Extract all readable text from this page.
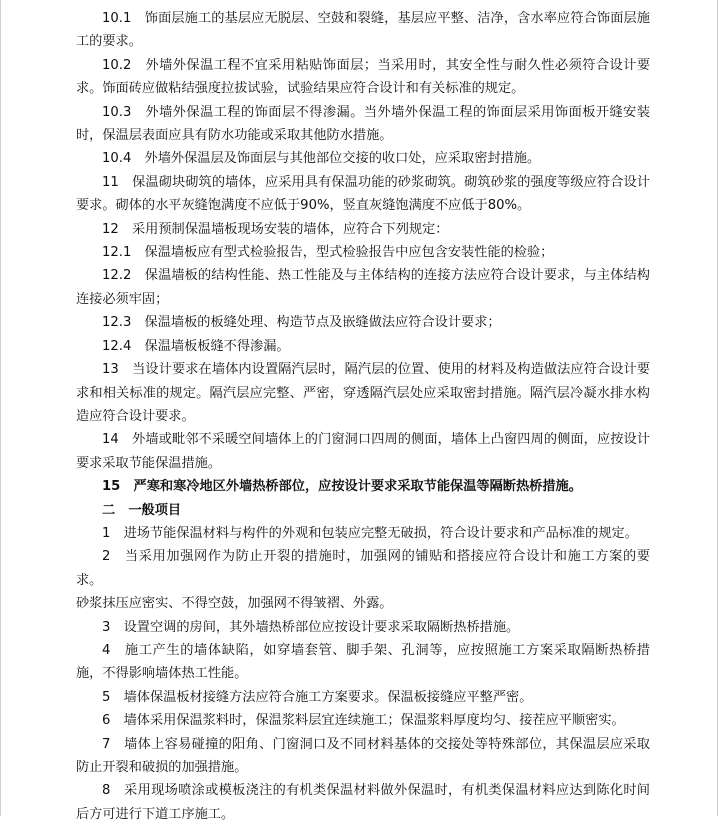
10.1　饰面层施工的基层应无脱层、空鼓和裂缝，基层应平整、洁净，含水率应符合饰面层施工的要求。

10.2　外墙外保温工程不宜采用粘贴饰面层；当采用时，其安全性与耐久性必须符合设计要求。饰面砖应做粘结强度拉拔试验，试验结果应符合设计和有关标准的规定。

10.3　外墙外保温工程的饰面层不得渗漏。当外墙外保温工程的饰面层采用饰面板开缝安装时，保温层表面应具有防水功能或采取其他防水措施。

10.4　外墙外保温层及饰面层与其他部位交接的收口处，应采取密封措施。

11　保温砌块砌筑的墙体，应采用具有保温功能的砂浆砌筑。砌筑砂浆的强度等级应符合设计要求。砌体的水平灰缝饱满度不应低于90%，竖直灰缝饱满度不应低于80%。

12　采用预制保温墙板现场安装的墙体，应符合下列规定：

12.1　保温墙板应有型式检验报告，型式检验报告中应包含安装性能的检验；

12.2　保温墙板的结构性能、热工性能及与主体结构的连接方法应符合设计要求，与主体结构连接必须牢固；

12.3　保温墙板的板缝处理、构造节点及嵌缝做法应符合设计要求；

12.4　保温墙板板缝不得渗漏。

13　当设计要求在墙体内设置隔汽层时，隔汽层的位置、使用的材料及构造做法应符合设计要求和相关标准的规定。隔汽层应完整、严密，穿透隔汽层处应采取密封措施。隔汽层冷凝水排水构造应符合设计要求。

14　外墙或毗邻不采暖空间墙体上的门窗洞口四周的侧面，墙体上凸窗四周的侧面，应按设计要求采取节能保温措施。

15　严寒和寒冷地区外墙热桥部位，应按设计要求采取节能保温等隔断热桥措施。

二　一般项目

1　进场节能保温材料与构件的外观和包装应完整无破损，符合设计要求和产品标准的规定。

2　当采用加强网作为防止开裂的措施时，加强网的铺贴和搭接应符合设计和施工方案的要求。

砂浆抹压应密实、不得空鼓，加强网不得皱褶、外露。

3　设置空调的房间，其外墙热桥部位应按设计要求采取隔断热桥措施。

4　施工产生的墙体缺陷，如穿墙套管、脚手架、孔洞等，应按照施工方案采取隔断热桥措施，不得影响墙体热工性能。

5　墙体保温板材接缝方法应符合施工方案要求。保温板接缝应平整严密。

6　墙体采用保温浆料时，保温浆料层宜连续施工；保温浆料厚度均匀、接茬应平顺密实。

7　墙体上容易碰撞的阳角、门窗洞口及不同材料基体的交接处等特殊部位，其保温层应采取防止开裂和破损的加强措施。

8　采用现场喷涂或模板浇注的有机类保温材料做外保温时，有机类保温材料应达到陈化时间后方可进行下道工序施工。
